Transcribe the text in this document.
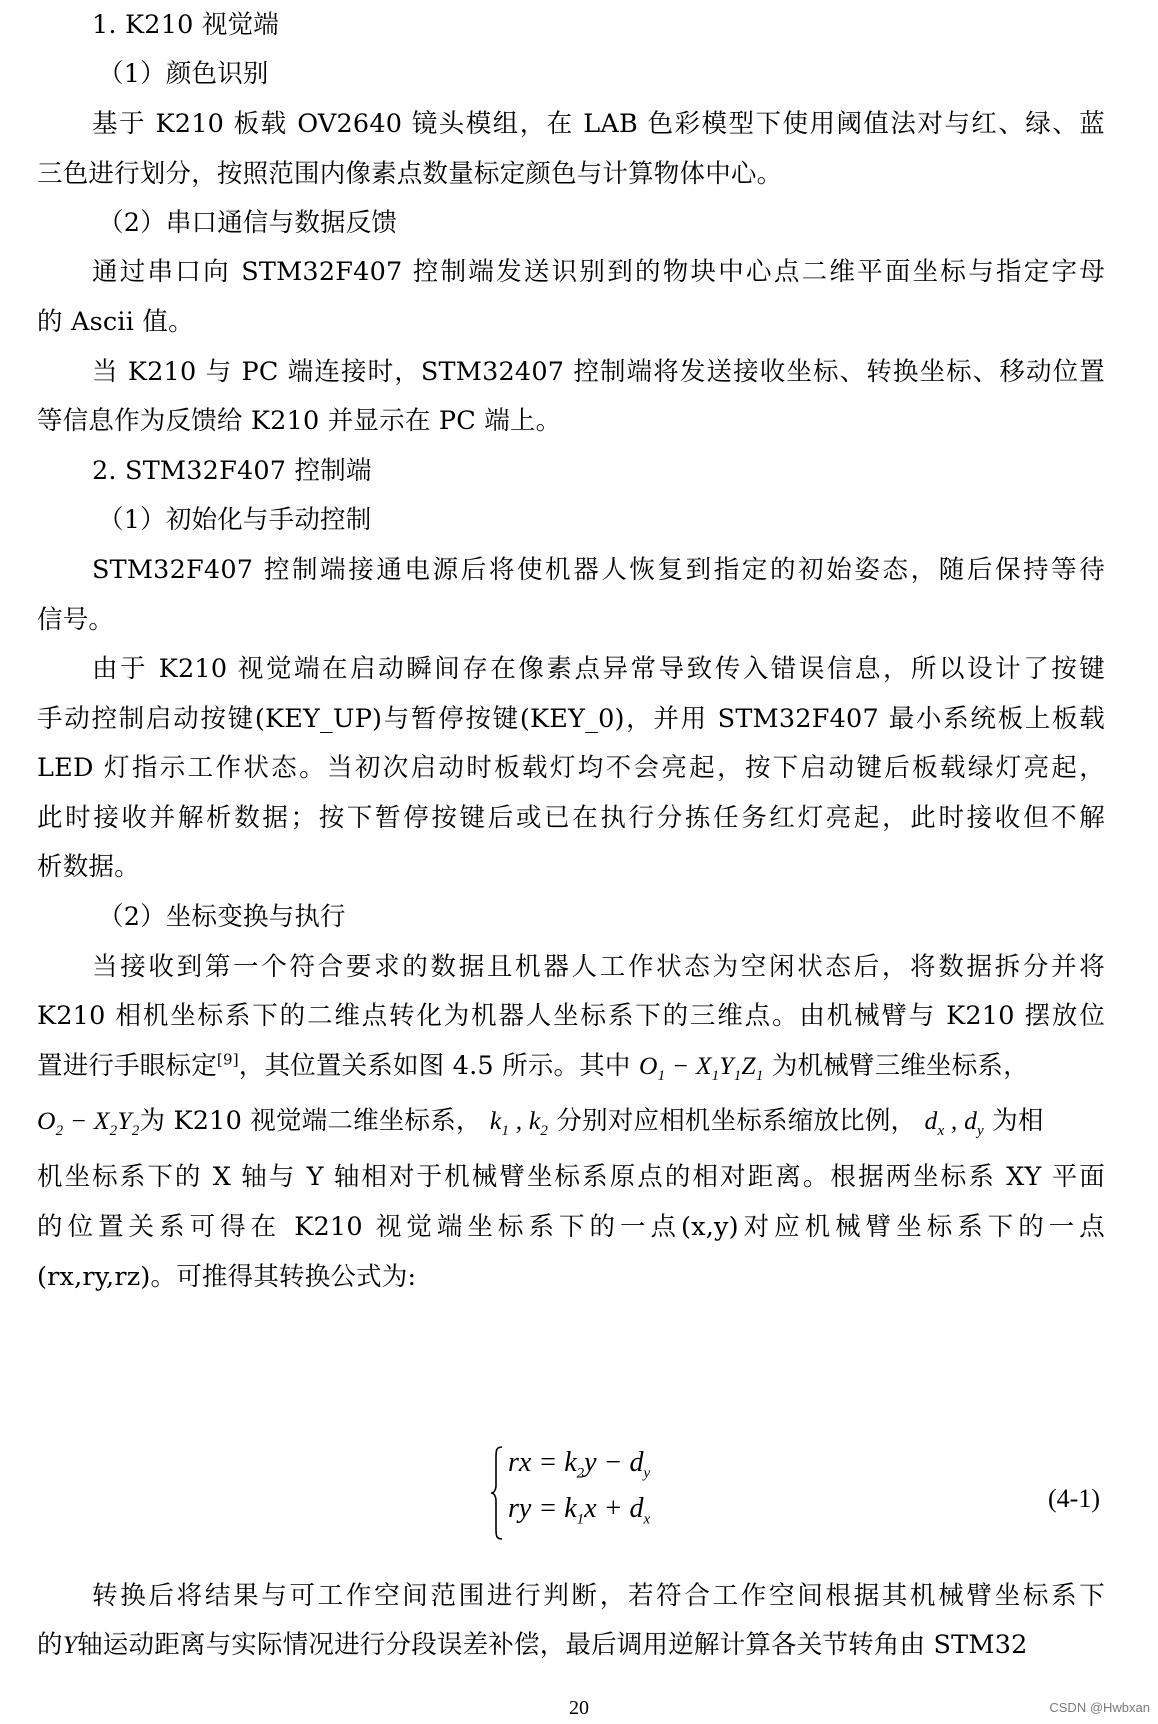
1. K210 视觉端
（1）颜色识别
基于 K210 板载 OV2640 镜头模组，在 LAB 色彩模型下使用阈值法对与红、绿、蓝
三色进行划分，按照范围内像素点数量标定颜色与计算物体中心。
（2）串口通信与数据反馈
通过串口向 STM32F407 控制端发送识别到的物块中心点二维平面坐标与指定字母
的 Ascii 值。
当 K210 与 PC 端连接时，STM32407 控制端将发送接收坐标、转换坐标、移动位置
等信息作为反馈给 K210 并显示在 PC 端上。
2. STM32F407 控制端
（1）初始化与手动控制
STM32F407 控制端接通电源后将使机器人恢复到指定的初始姿态，随后保持等待
信号。
由于 K210 视觉端在启动瞬间存在像素点异常导致传入错误信息，所以设计了按键
手动控制启动按键(KEY_UP)与暂停按键(KEY_0)，并用 STM32F407 最小系统板上板载
LED 灯指示工作状态。当初次启动时板载灯均不会亮起，按下启动键后板载绿灯亮起，
此时接收并解析数据；按下暂停按键后或已在执行分拣任务红灯亮起，此时接收但不解
析数据。
（2）坐标变换与执行
当接收到第一个符合要求的数据且机器人工作状态为空闲状态后，将数据拆分并将
K210 相机坐标系下的二维点转化为机器人坐标系下的三维点。由机械臂与 K210 摆放位
置进行手眼标定[9]，其位置关系如图 4.5 所示。其中 $O_1 - X_1Y_1Z_1$ 为机械臂三维坐标系，
$O_2 - X_2Y_2$为 K210 视觉端二维坐标系， $k_1$ , $k_2$ 分别对应相机坐标系缩放比例， $d_x$ , $d_y$ 为相
机坐标系下的 X 轴与 Y 轴相对于机械臂坐标系原点的相对距离。根据两坐标系 XY 平面
的位置关系可得在 K210 视觉端坐标系下的一点(x,y)对应机械臂坐标系下的一点
(rx,ry,rz)。可推得其转换公式为:
rx = $k_2y - d_y$
ry = $k_1x + d_x$
(4-1)
转换后将结果与可工作空间范围进行判断，若符合工作空间根据其机械臂坐标系下
的Y轴运动距离与实际情况进行分段误差补偿，最后调用逆解计算各关节转角由 STM32
20	CSDN @Hwbxan
